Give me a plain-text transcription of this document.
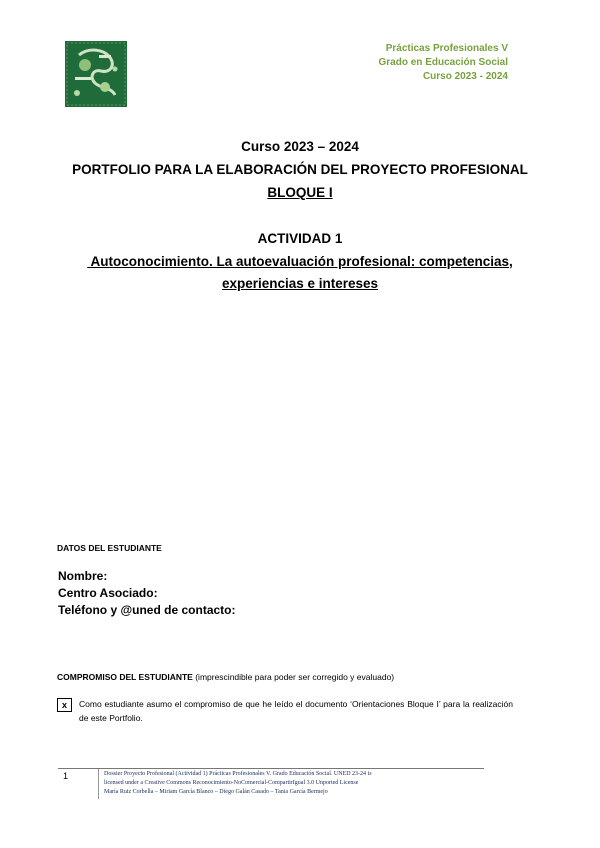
Prácticas Profesionales V
Grado en Educación Social
Curso 2023 - 2024
Curso 2023 – 2024
PORTFOLIO PARA LA ELABORACIÓN DEL PROYECTO PROFESIONAL
BLOQUE I
ACTIVIDAD 1
Autoconocimiento. La autoevaluación profesional: competencias,
experiencias e intereses
DATOS DEL ESTUDIANTE
Nombre:
Centro Asociado:
Teléfono y @uned de contacto:
COMPROMISO DEL ESTUDIANTE (imprescindible para poder ser corregido y evaluado)
x	Como estudiante asumo el compromiso de que he leído el documento ‘Orientaciones Bloque I’ para la realización de este Portfolio.
1	Dossier Proyecto Profesional (Actividad 1) Prácticas Profesionales V. Grado Educación Social. UNED 23-24 is
licensed under a Creative Commons Reconocimiento-NoComercial-CompartirIgual 3.0 Unported License
María Ruiz Corbella – Miriam García Blanco – Diego Galán Casado – Tania García Bermejo
